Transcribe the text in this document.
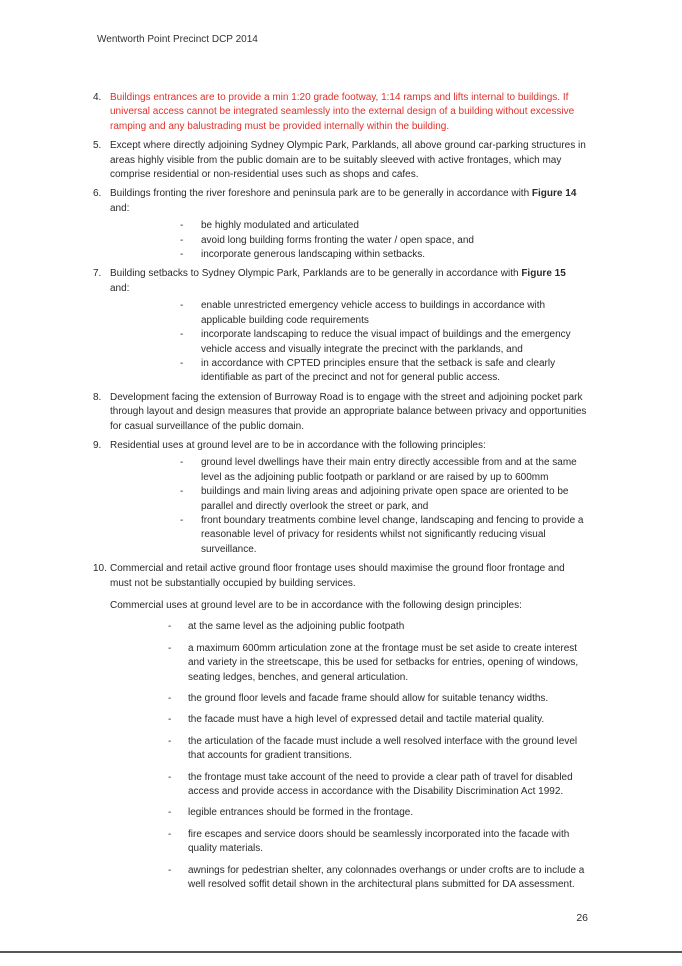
Wentworth Point Precinct DCP 2014
4. Buildings entrances are to provide a min 1:20 grade footway, 1:14 ramps and lifts internal to buildings. If universal access cannot be integrated seamlessly into the external design of a building without excessive ramping and any balustrading must be provided internally within the building.
5. Except where directly adjoining Sydney Olympic Park, Parklands, all above ground car-parking structures in areas highly visible from the public domain are to be suitably sleeved with active frontages, which may comprise residential or non-residential uses such as shops and cafes.
6. Buildings fronting the river foreshore and peninsula park are to be generally in accordance with Figure 14 and:
-	be highly modulated and articulated
-	avoid long building forms fronting the water / open space, and
-	incorporate generous landscaping within setbacks.
7. Building setbacks to Sydney Olympic Park, Parklands are to be generally in accordance with Figure 15 and:
-	enable unrestricted emergency vehicle access to buildings in accordance with applicable building code requirements
-	incorporate landscaping to reduce the visual impact of buildings and the emergency vehicle access and visually integrate the precinct with the parklands, and
-	in accordance with CPTED principles ensure that the setback is safe and clearly identifiable as part of the precinct and not for general public access.
8. Development facing the extension of Burroway Road is to engage with the street and adjoining pocket park through layout and design measures that provide an appropriate balance between privacy and opportunities for casual surveillance of the public domain.
9. Residential uses at ground level are to be in accordance with the following principles:
-	ground level dwellings have their main entry directly accessible from and at the same level as the adjoining public footpath or parkland or are raised by up to 600mm
-	buildings and main living areas and adjoining private open space are oriented to be parallel and directly overlook the street or park, and
-	front boundary treatments combine level change, landscaping and fencing to provide a reasonable level of privacy for residents whilst not significantly reducing visual surveillance.
10. Commercial and retail active ground floor frontage uses should maximise the ground floor frontage and must not be substantially occupied by building services.
Commercial uses at ground level are to be in accordance with the following design principles:
-	at the same level as the adjoining public footpath
-	a maximum 600mm articulation zone at the frontage must be set aside to create interest and variety in the streetscape, this be used for setbacks for entries, opening of windows, seating ledges, benches, and general articulation.
-	the ground floor levels and facade frame should allow for suitable tenancy widths.
-	the facade must have a high level of expressed detail and tactile material quality.
-	the articulation of the facade must include a well resolved interface with the ground level that accounts for gradient transitions.
-	the frontage must take account of the need to provide a clear path of travel for disabled access and provide access in accordance with the Disability Discrimination Act 1992.
-	legible entrances should be formed in the frontage.
-	fire escapes and service doors should be seamlessly incorporated into the facade with quality materials.
-	awnings for pedestrian shelter, any colonnades overhangs or under crofts are to include a well resolved soffit detail shown in the architectural plans submitted for DA assessment.
26
